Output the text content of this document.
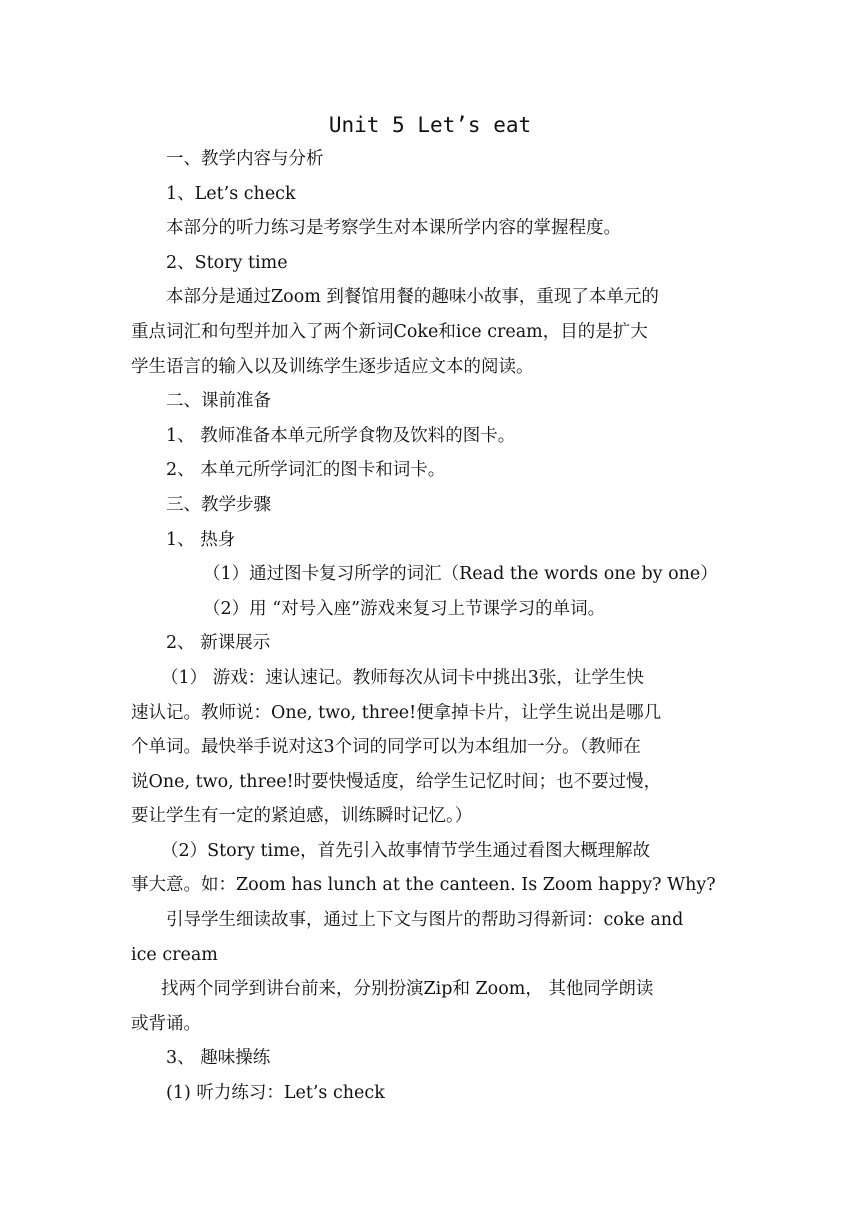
Unit 5 Let’s eat
一、教学内容与分析
1、Let’s check
本部分的听力练习是考察学生对本课所学内容的掌握程度。
2、Story time
本部分是通过Zoom 到餐馆用餐的趣味小故事，重现了本单元的
重点词汇和句型并加入了两个新词Coke和ice cream，目的是扩大
学生语言的输入以及训练学生逐步适应文本的阅读。
二、课前准备
1、 教师准备本单元所学食物及饮料的图卡。
2、 本单元所学词汇的图卡和词卡。
三、教学步骤
1、 热身
（1）通过图卡复习所学的词汇（Read the words one by one）
（2）用 “对号入座”游戏来复习上节课学习的单词。
2、 新课展示
（1） 游戏：速认速记。教师每次从词卡中挑出3张，让学生快
速认记。教师说：One, two, three!便拿掉卡片，让学生说出是哪几
个单词。最快举手说对这3个词的同学可以为本组加一分。（教师在
说One, two, three!时要快慢适度，给学生记忆时间；也不要过慢，
要让学生有一定的紧迫感，训练瞬时记忆。）
（2）Story time，首先引入故事情节学生通过看图大概理解故
事大意。如：Zoom has lunch at the canteen. Is Zoom happy? Why?
引导学生细读故事，通过上下文与图片的帮助习得新词：coke and
ice cream
找两个同学到讲台前来，分别扮演Zip和 Zoom， 其他同学朗读
或背诵。
3、 趣味操练
(1) 听力练习：Let’s check
